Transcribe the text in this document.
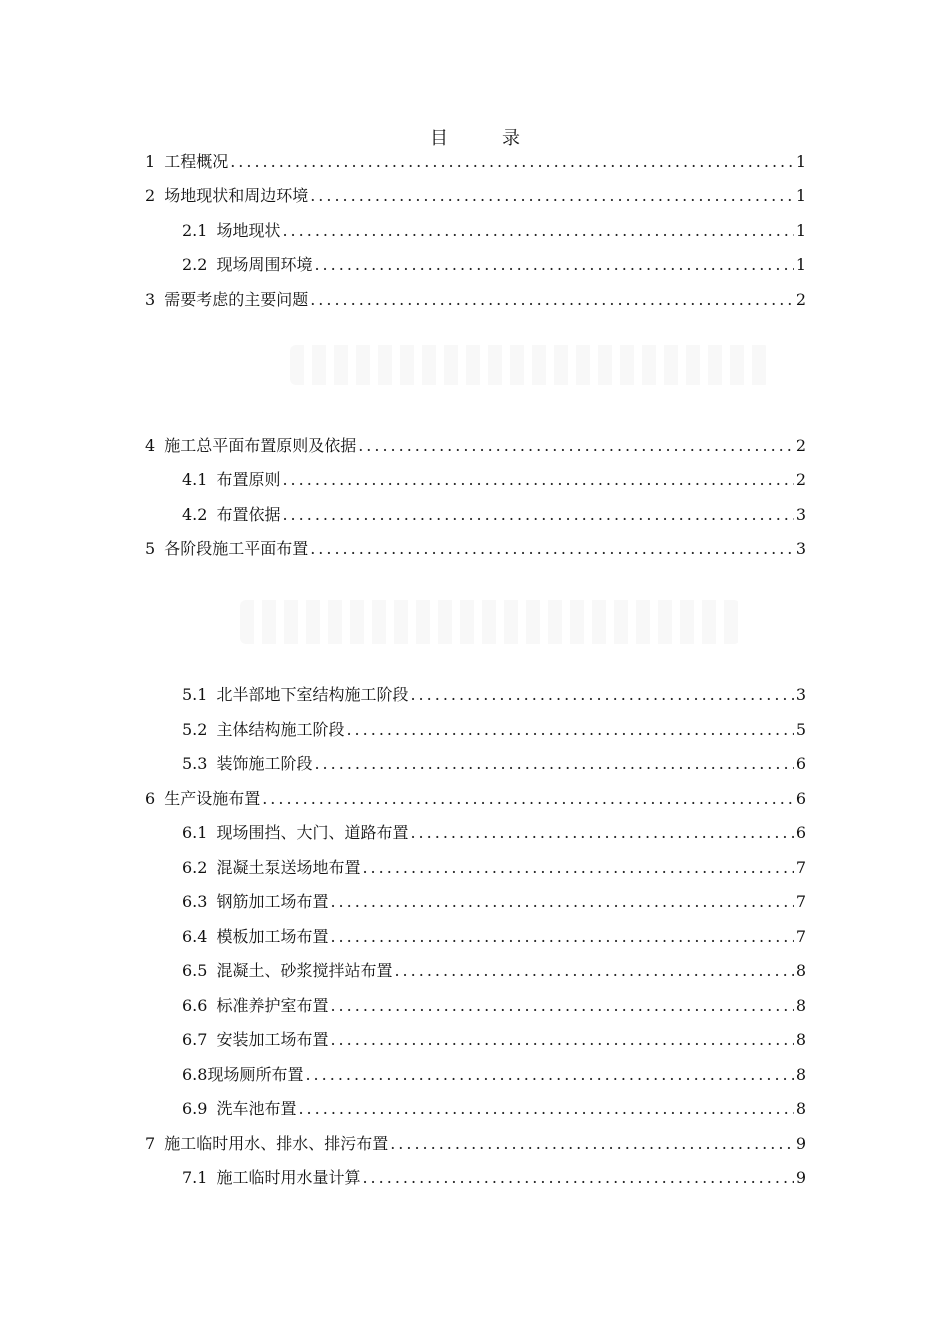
目　录
1 工程概况 .....	1
2 场地现状和周边环境 .....	1
2.1 场地现状 .....	1
2.2 现场周围环境 .....	1
3 需要考虑的主要问题 .....	2
4 施工总平面布置原则及依据 .....	2
4.1 布置原则 .....	2
4.2 布置依据 .....	3
5 各阶段施工平面布置 .....	3
5.1 北半部地下室结构施工阶段 .....	3
5.2 主体结构施工阶段 .....	5
5.3 装饰施工阶段 .....	6
6 生产设施布置 .....	6
6.1 现场围挡、大门、道路布置 .....	6
6.2 混凝土泵送场地布置 .....	7
6.3 钢筋加工场布置 .....	7
6.4 模板加工场布置 .....	7
6.5 混凝土、砂浆搅拌站布置 .....	8
6.6 标准养护室布置 .....	8
6.7 安装加工场布置 .....	8
6.8现场厕所布置 .....	8
6.9 洗车池布置 .....	8
7 施工临时用水、排水、排污布置 .....	9
7.1 施工临时用水量计算 .....	9
